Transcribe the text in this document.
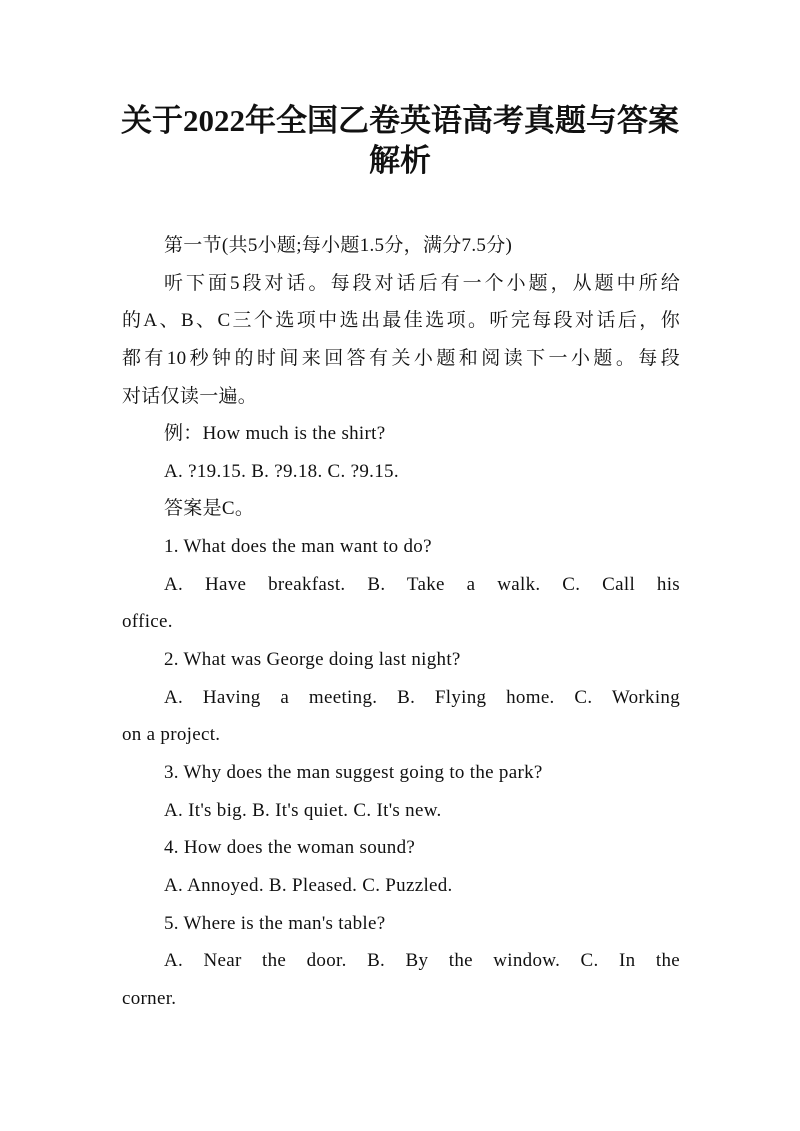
关于2022年全国乙卷英语高考真题与答案
解析
第一节(共5小题;每小题1.5分，满分7.5分)
听下面5段对话。每段对话后有一个小题，从题中所给
的A、B、C三个选项中选出最佳选项。听完每段对话后，你
都有10秒钟的时间来回答有关小题和阅读下一小题。每段
对话仅读一遍。
例：How much is the shirt?
A. ?19.15. B. ?9.18. C. ?9.15.
答案是C。
1. What does the man want to do?
A. Have breakfast. B. Take a walk. C. Call his
office.
2. What was George doing last night?
A. Having a meeting. B. Flying home. C. Working
on a project.
3. Why does the man suggest going to the park?
A. It's big. B. It's quiet. C. It's new.
4. How does the woman sound?
A. Annoyed. B. Pleased. C. Puzzled.
5. Where is the man's table?
A. Near the door. B. By the window. C. In the
corner.
